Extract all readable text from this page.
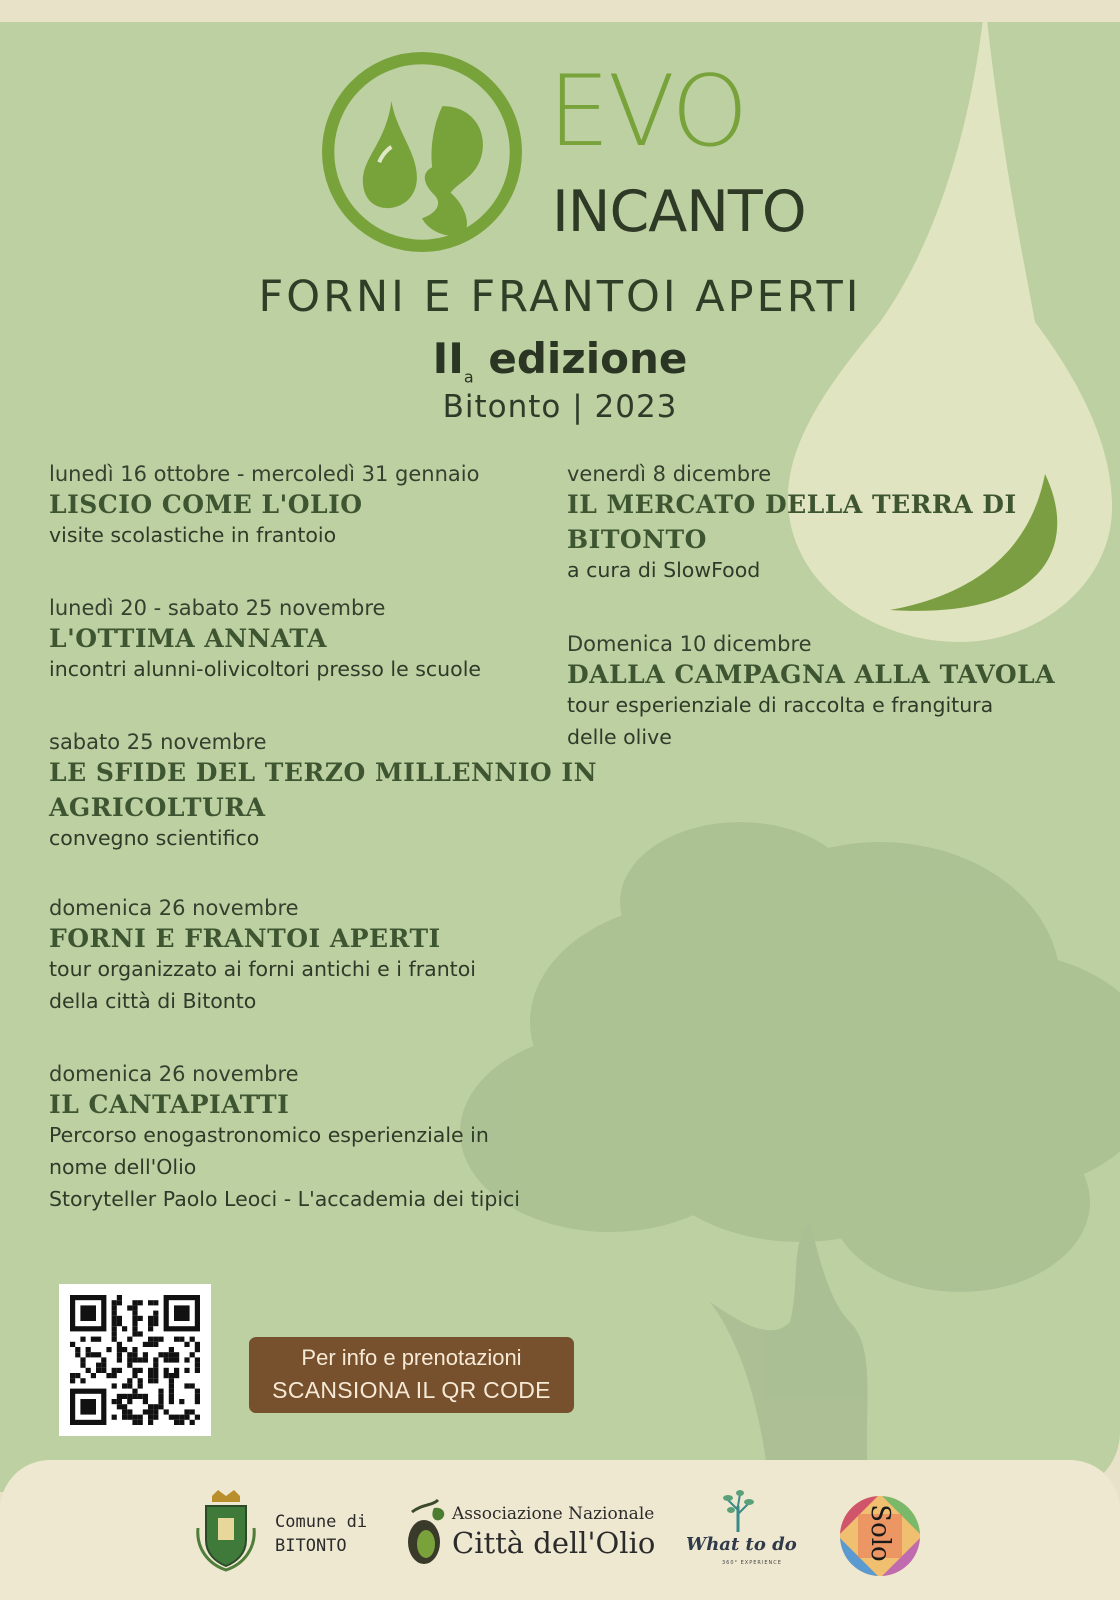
EVO
INCANTO
FORNI E FRANTOI APERTI
$II_a$ edizione
Bitonto | 2023
lunedì 16 ottobre - mercoledì 31 gennaio
LISCIO COME L'OLIO
visite scolastiche in frantoio
lunedì 20 - sabato 25 novembre
L'OTTIMA ANNATA
incontri alunni-olivicoltori presso le scuole
sabato 25 novembre
LE SFIDE DEL TERZO MILLENNIO IN
AGRICOLTURA
convegno scientifico
domenica 26 novembre
FORNI E FRANTOI APERTI
tour organizzato ai forni antichi e i frantoi
della città di Bitonto
domenica 26 novembre
IL CANTAPIATTI
Percorso enogastronomico esperienziale in
nome dell'Olio
Storyteller Paolo Leoci - L'accademia dei tipici
venerdì 8 dicembre
IL MERCATO DELLA TERRA DI
BITONTO
a cura di SlowFood
Domenica 10 dicembre
DALLA CAMPAGNA ALLA TAVOLA
tour esperienziale di raccolta e frangitura
delle olive
Per info e prenotazioni
SCANSIONA IL QR CODE
Comune di
BITONTO
Associazione Nazionale
Città dell'Olio What to do
360° EXPERIENCE
Solo
